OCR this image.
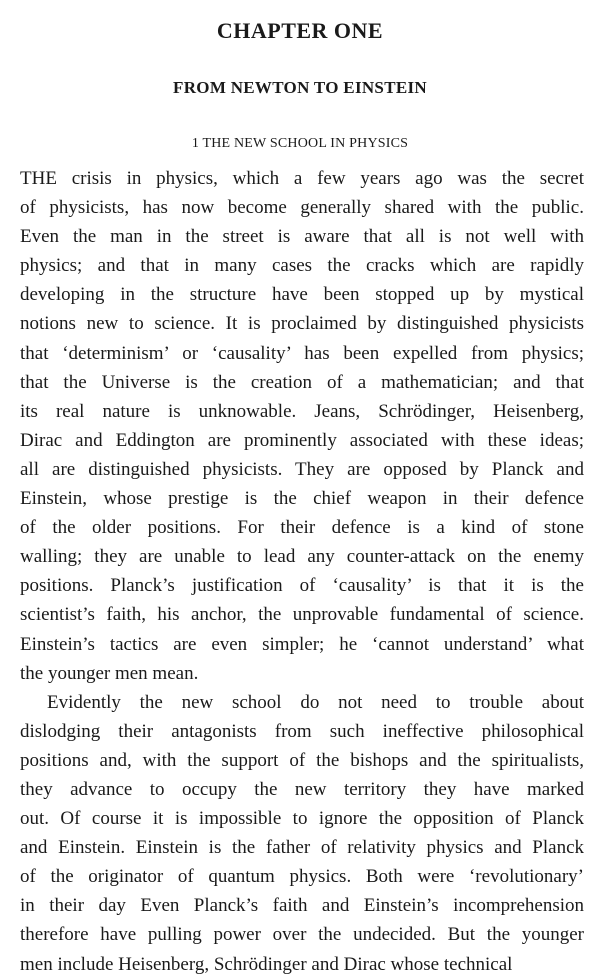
CHAPTER ONE
FROM NEWTON TO EINSTEIN
1 THE NEW SCHOOL IN PHYSICS
THE crisis in physics, which a few years ago was the secret
of physicists, has now become generally shared with the public.
Even the man in the street is aware that all is not well with
physics; and that in many cases the cracks which are rapidly
developing in the structure have been stopped up by mystical
notions new to science. It is proclaimed by distinguished physicists
that ‘determinism’ or ‘causality’ has been expelled from physics;
that the Universe is the creation of a mathematician; and that
its real nature is unknowable. Jeans, Schrödinger, Heisenberg,
Dirac and Eddington are prominently associated with these ideas;
all are distinguished physicists. They are opposed by Planck and
Einstein, whose prestige is the chief weapon in their defence
of the older positions. For their defence is a kind of stone
walling; they are unable to lead any counter-attack on the enemy
positions. Planck’s justification of ‘causality’ is that it is the
scientist’s faith, his anchor, the unprovable fundamental of science.
Einstein’s tactics are even simpler; he ‘cannot understand’ what
the younger men mean.
Evidently the new school do not need to trouble about
dislodging their antagonists from such ineffective philosophical
positions and, with the support of the bishops and the spiritualists,
they advance to occupy the new territory they have marked
out. Of course it is impossible to ignore the opposition of Planck
and Einstein. Einstein is the father of relativity physics and Planck
of the originator of quantum physics. Both were ‘revolutionary’
in their day Even Planck’s faith and Einstein’s incomprehension
therefore have pulling power over the undecided. But the younger
men include Heisenberg, Schrödinger and Dirac whose technical
